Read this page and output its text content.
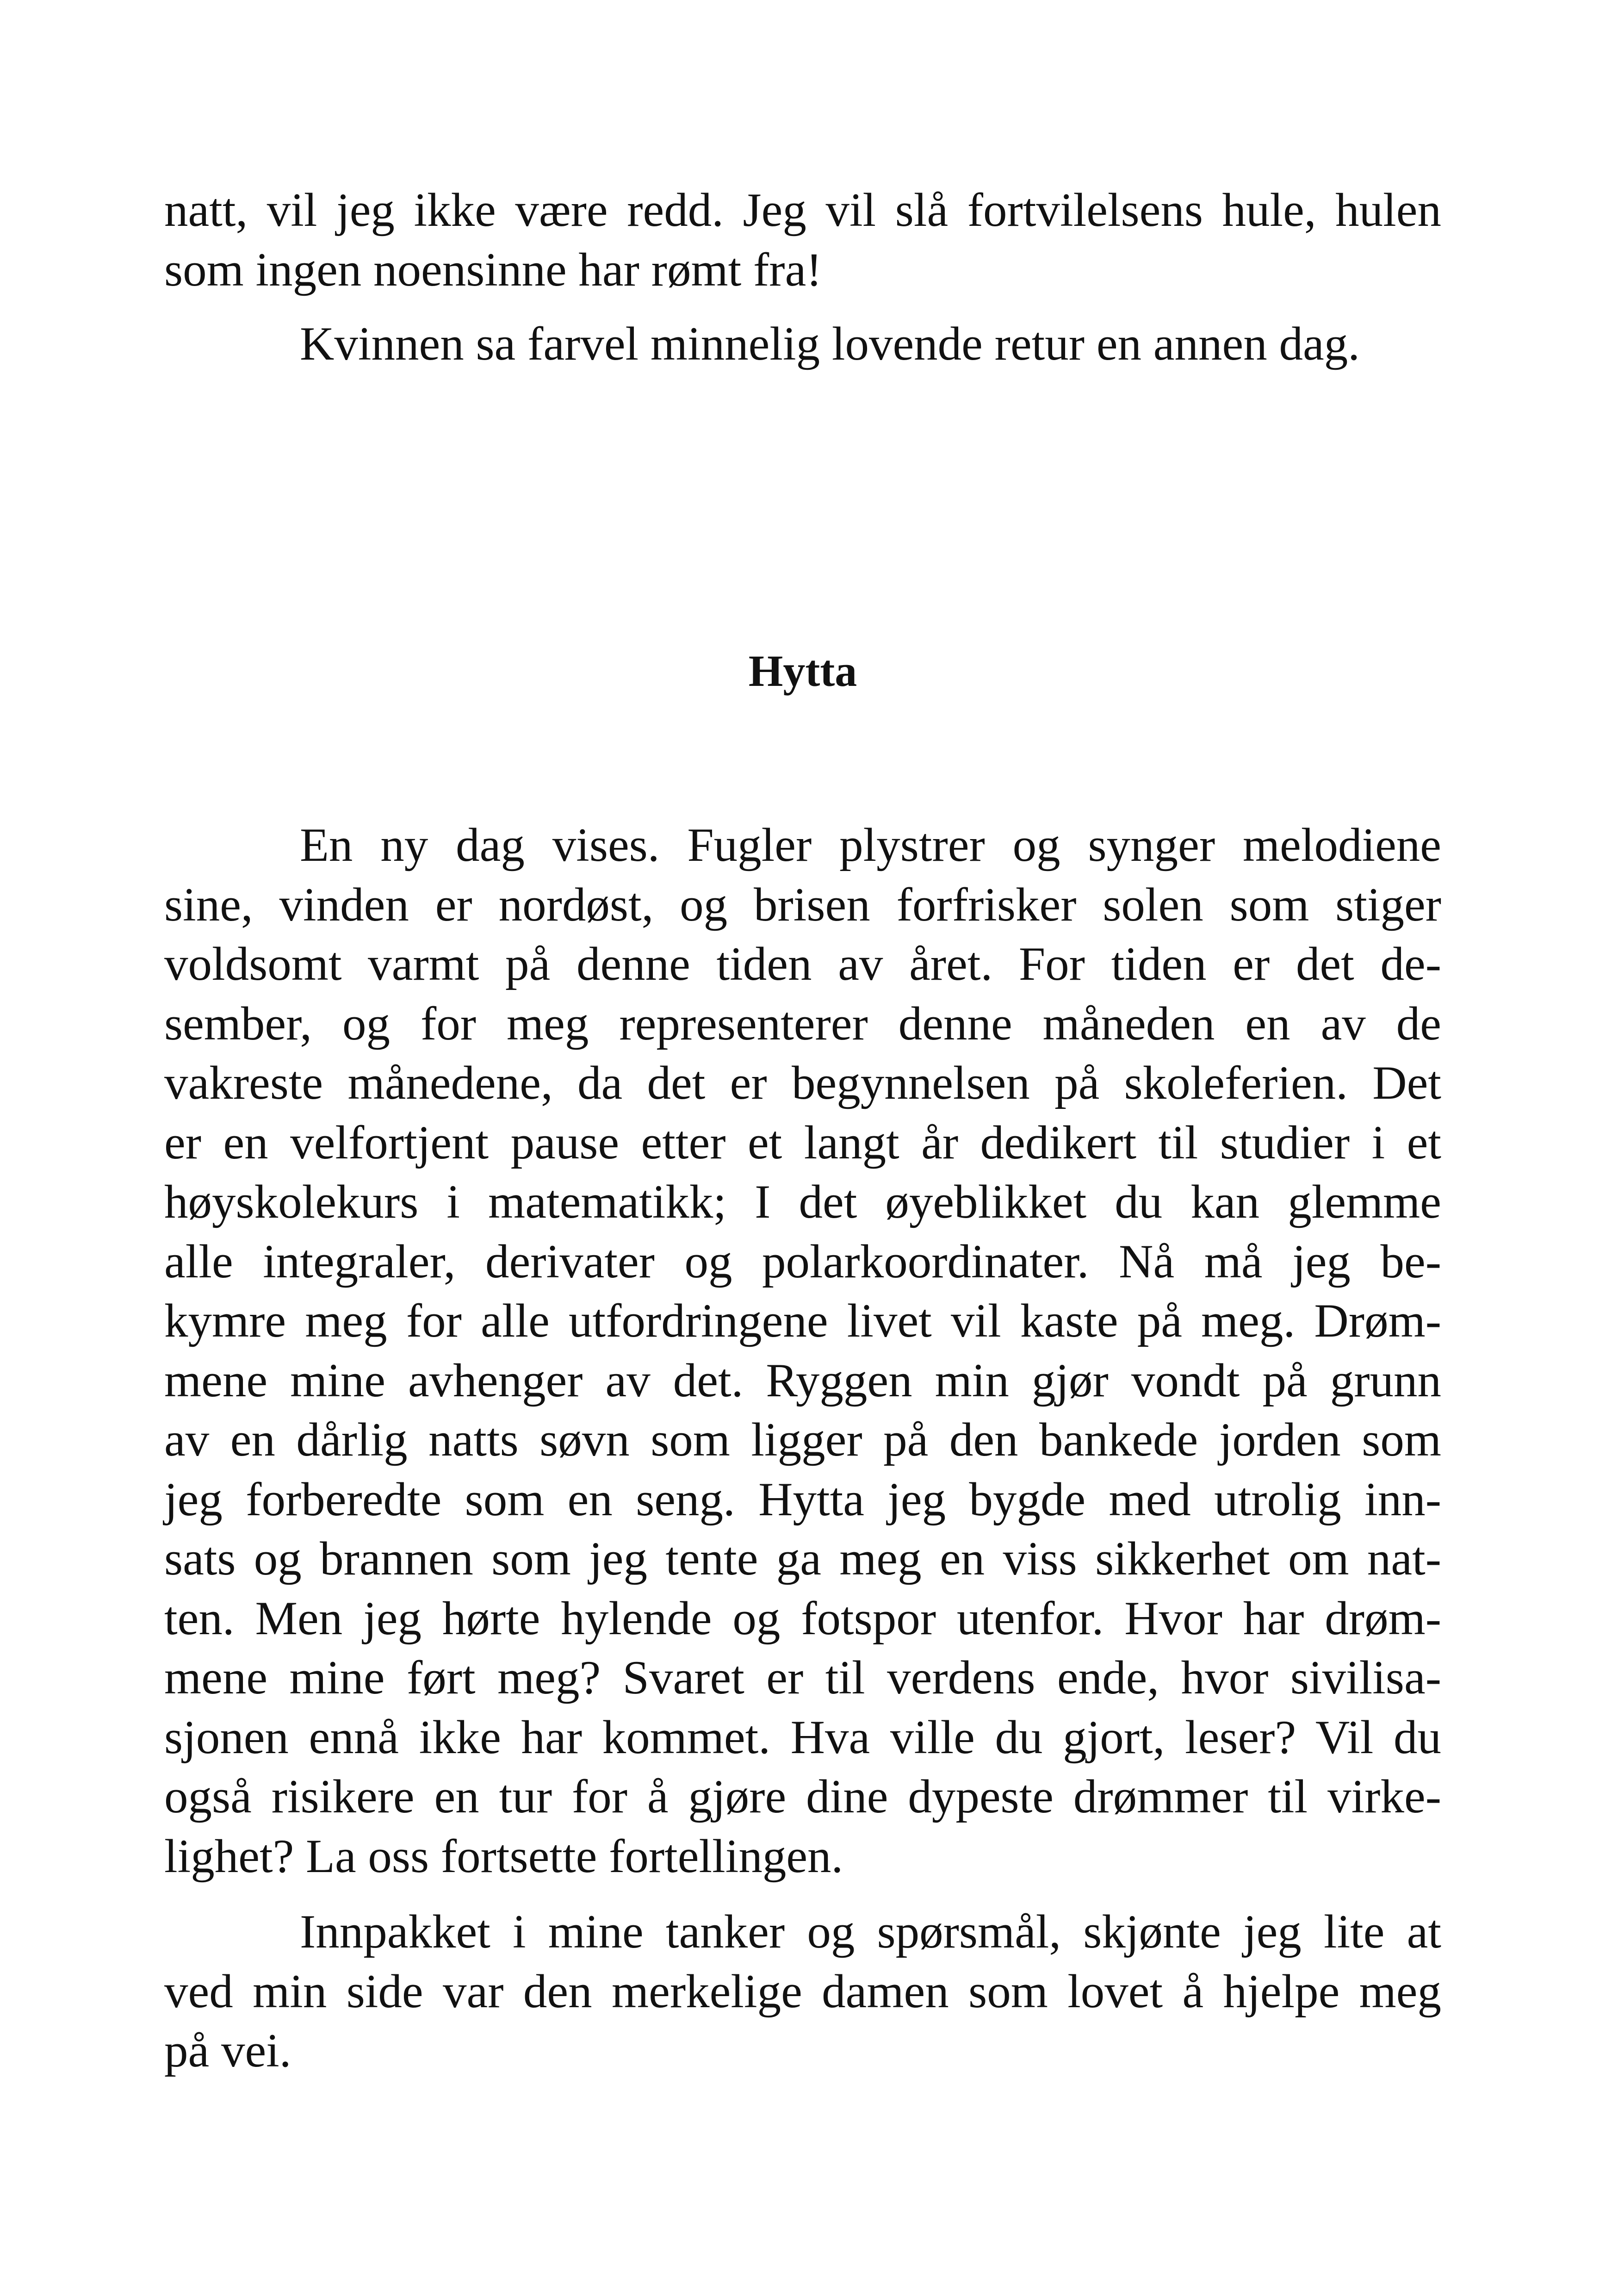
natt, vil jeg ikke være redd. Jeg vil slå fortvilelsens hule, hulen
som ingen noensinne har rømt fra!

Kvinnen sa farvel minnelig lovende retur en annen dag.

Hytta

En ny dag vises. Fugler plystrer og synger melodiene
sine, vinden er nordøst, og brisen forfrisker solen som stiger
voldsomt varmt på denne tiden av året. For tiden er det de-
sember, og for meg representerer denne måneden en av de
vakreste månedene, da det er begynnelsen på skoleferien. Det
er en velfortjent pause etter et langt år dedikert til studier i et
høyskolekurs i matematikk; I det øyeblikket du kan glemme
alle integraler, derivater og polarkoordinater. Nå må jeg be-
kymre meg for alle utfordringene livet vil kaste på meg. Drøm-
mene mine avhenger av det. Ryggen min gjør vondt på grunn
av en dårlig natts søvn som ligger på den bankede jorden som
jeg forberedte som en seng. Hytta jeg bygde med utrolig inn-
sats og brannen som jeg tente ga meg en viss sikkerhet om nat-
ten. Men jeg hørte hylende og fotspor utenfor. Hvor har drøm-
mene mine ført meg? Svaret er til verdens ende, hvor sivilisa-
sjonen ennå ikke har kommet. Hva ville du gjort, leser? Vil du
også risikere en tur for å gjøre dine dypeste drømmer til virke-
lighet? La oss fortsette fortellingen.

Innpakket i mine tanker og spørsmål, skjønte jeg lite at
ved min side var den merkelige damen som lovet å hjelpe meg
på vei.
